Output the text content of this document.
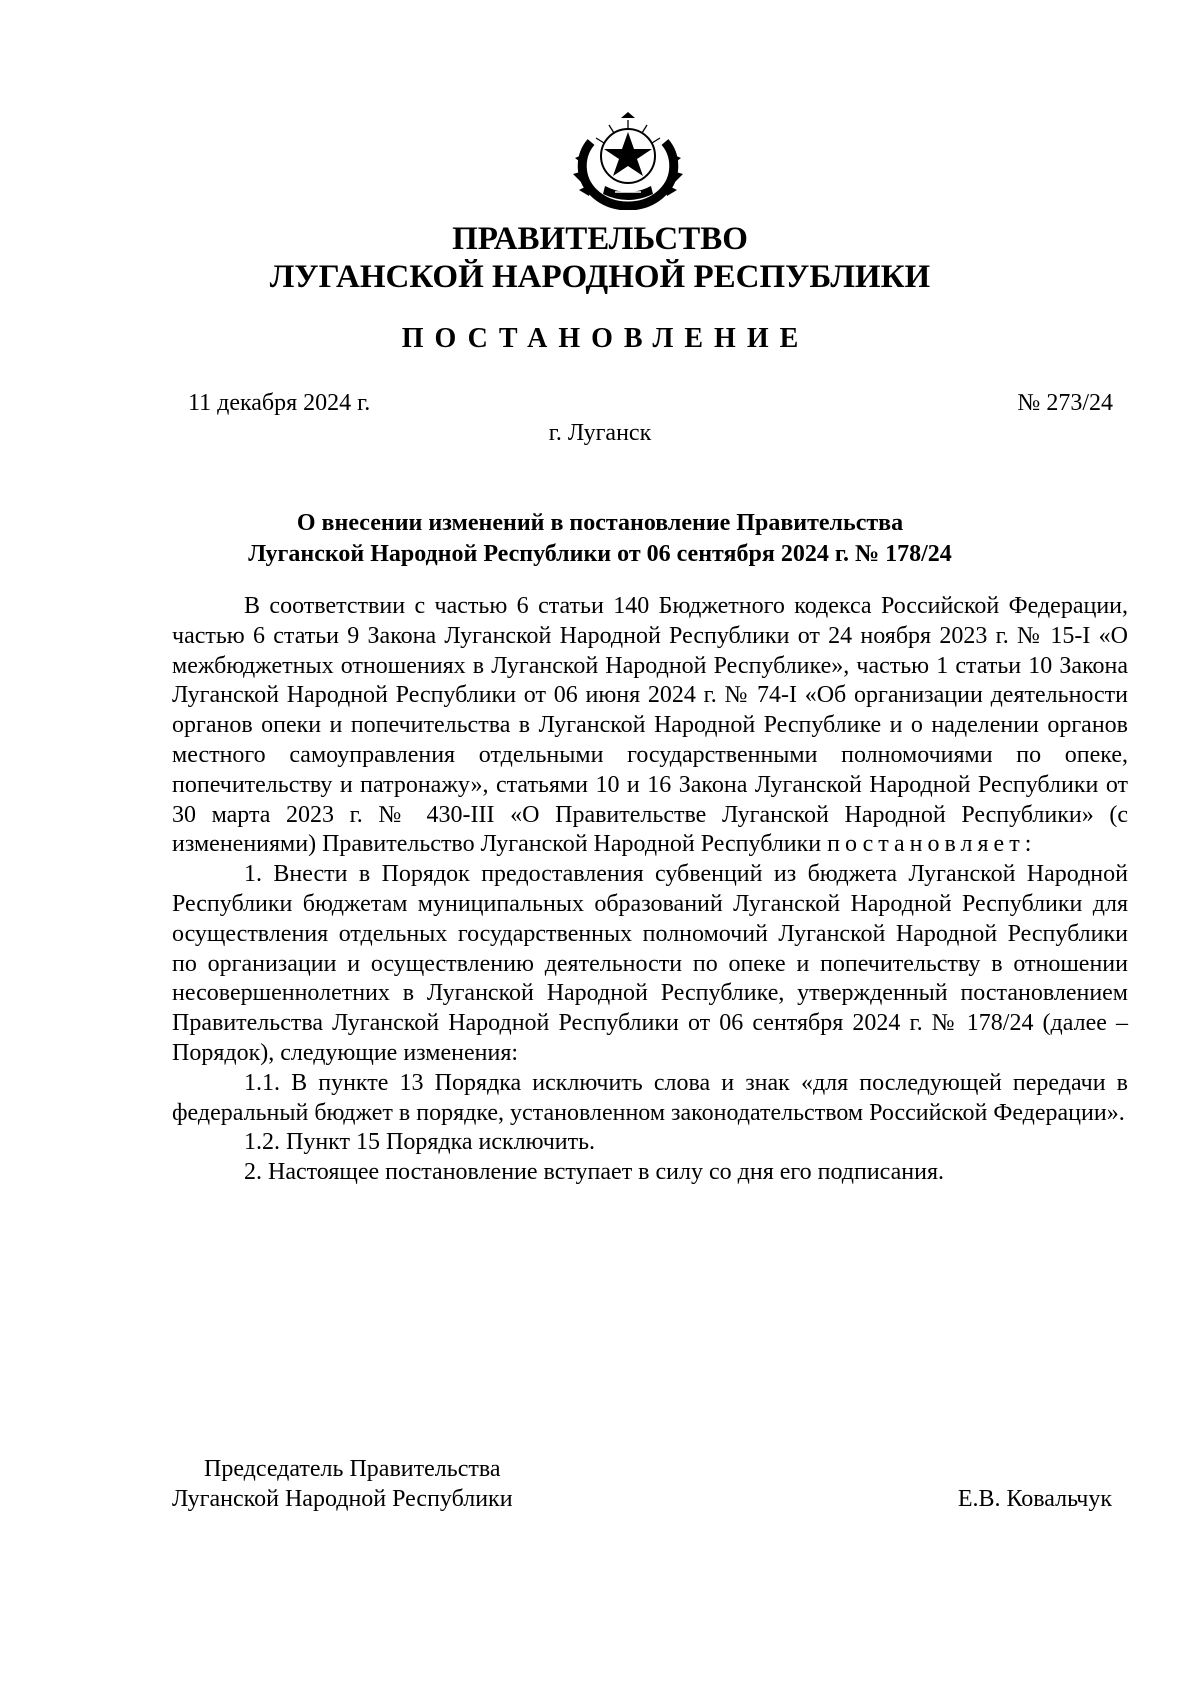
ПРАВИТЕЛЬСТВО
ЛУГАНСКОЙ НАРОДНОЙ РЕСПУБЛИКИ
ПОСТАНОВЛЕНИЕ
11 декабря 2024 г.	№ 273/24
г. Луганск
О внесении изменений в постановление Правительства
Луганской Народной Республики от 06 сентября 2024 г. № 178/24

В соответствии с частью 6 статьи 140 Бюджетного кодекса Российской Федерации, частью 6 статьи 9 Закона Луганской Народной Республики от 24 ноября 2023 г. № 15-I «О межбюджетных отношениях в Луганской Народной Республике», частью 1 статьи 10 Закона Луганской Народной Республики от 06 июня 2024 г. № 74-I «Об организации деятельности органов опеки и попечительства в Луганской Народной Республике и о наделении органов местного самоуправления отдельными государственными полномочиями по опеке, попечительству и патронажу», статьями 10 и 16 Закона Луганской Народной Республики от 30 марта 2023 г. № 430-III «О Правительстве Луганской Народной Республики» (с изменениями) Правительство Луганской Народной Республики постановляет:

1. Внести в Порядок предоставления субвенций из бюджета Луганской Народной Республики бюджетам муниципальных образований Луганской Народной Республики для осуществления отдельных государственных полномочий Луганской Народной Республики по организации и осуществлению деятельности по опеке и попечительству в отношении несовершеннолетних в Луганской Народной Республике, утвержденный постановлением Правительства Луганской Народной Республики от 06 сентября 2024 г. № 178/24 (далее – Порядок), следующие изменения:

1.1. В пункте 13 Порядка исключить слова и знак «для последующей передачи в федеральный бюджет в порядке, установленном законодательством Российской Федерации».

1.2. Пункт 15 Порядка исключить.

2. Настоящее постановление вступает в силу со дня его подписания.

Председатель Правительства
Луганской Народной Республики	Е.В. Ковальчук
